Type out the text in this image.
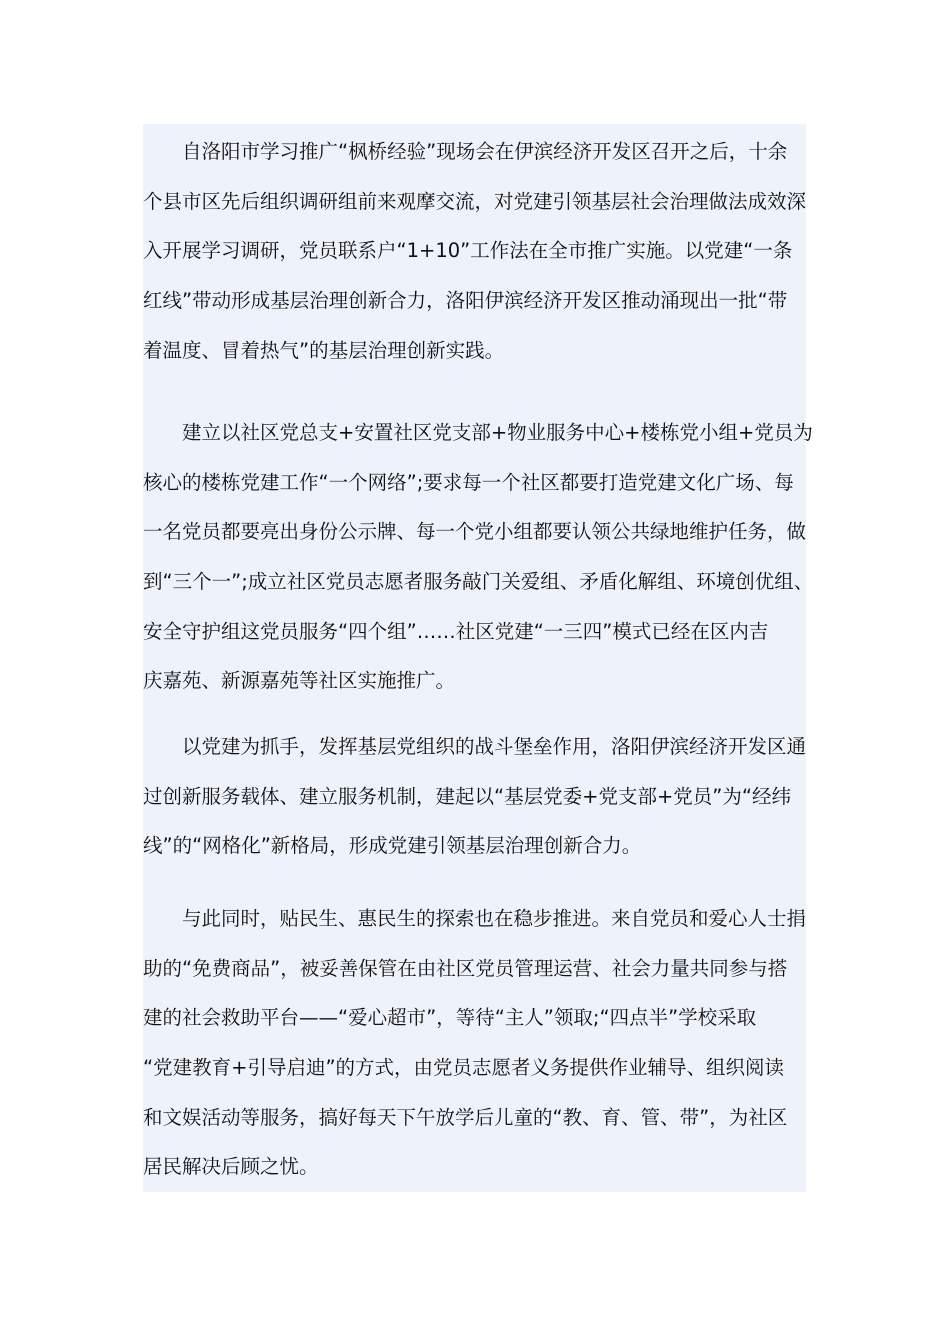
自洛阳市学习推广“枫桥经验”现场会在伊滨经济开发区召开之后，十余
个县市区先后组织调研组前来观摩交流，对党建引领基层社会治理做法成效深
入开展学习调研，党员联系户“1+10”工作法在全市推广实施。以党建“一条
红线”带动形成基层治理创新合力，洛阳伊滨经济开发区推动涌现出一批“带
着温度、冒着热气”的基层治理创新实践。
建立以社区党总支+安置社区党支部+物业服务中心+楼栋党小组+党员为
核心的楼栋党建工作“一个网络”;要求每一个社区都要打造党建文化广场、每
一名党员都要亮出身份公示牌、每一个党小组都要认领公共绿地维护任务，做
到“三个一”;成立社区党员志愿者服务敲门关爱组、矛盾化解组、环境创优组、
安全守护组这党员服务“四个组”……社区党建“一三四”模式已经在区内吉
庆嘉苑、新源嘉苑等社区实施推广。
以党建为抓手，发挥基层党组织的战斗堡垒作用，洛阳伊滨经济开发区通
过创新服务载体、建立服务机制，建起以“基层党委+党支部+党员”为“经纬
线”的“网格化”新格局，形成党建引领基层治理创新合力。
与此同时，贴民生、惠民生的探索也在稳步推进。来自党员和爱心人士捐
助的“免费商品”，被妥善保管在由社区党员管理运营、社会力量共同参与搭
建的社会救助平台——“爱心超市”，等待“主人”领取;“四点半”学校采取
“党建教育+引导启迪”的方式，由党员志愿者义务提供作业辅导、组织阅读
和文娱活动等服务，搞好每天下午放学后儿童的“教、育、管、带”，为社区
居民解决后顾之忧。
